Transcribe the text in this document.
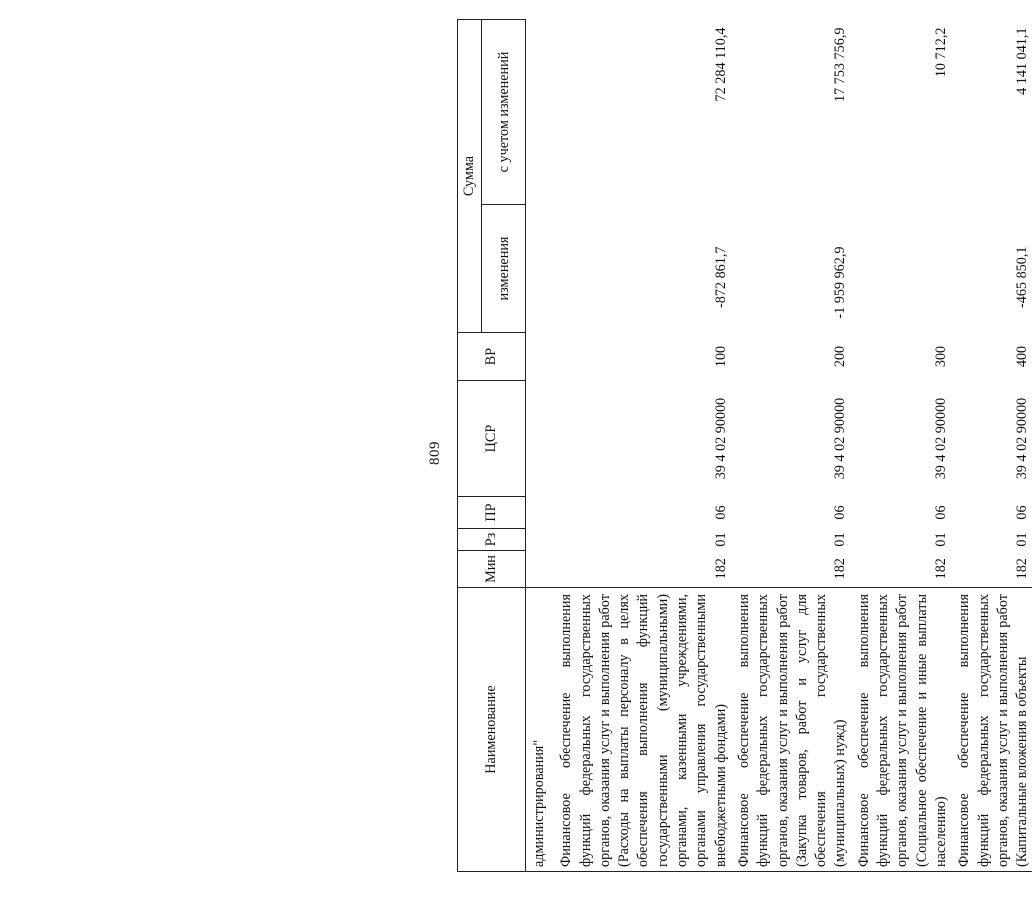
809
Наименование	Мин	Рз	ПР	ЦСР	ВР	Сумма	
						изменения	с учетом изменений
администрирования"							
Финансовое обеспечение выполнения функций федеральных государственных органов, оказания услуг и выполнения работ (Расходы на выплаты персоналу в целях обеспечения выполнения функций государственными (муниципальными) органами, казенными учреждениями, органами управления государственными внебюджетными фондами)	182	01	06	39 4 02 90000	100	-872 861,7	72 284 110,4
Финансовое обеспечение выполнения функций федеральных государственных органов, оказания услуг и выполнения работ (Закупка товаров, работ и услуг для обеспечения государственных (муниципальных) нужд)	182	01	06	39 4 02 90000	200	-1 959 962,9	17 753 756,9
Финансовое обеспечение выполнения функций федеральных государственных органов, оказания услуг и выполнения работ (Социальное обеспечение и иные выплаты населению)	182	01	06	39 4 02 90000	300		10 712,2
Финансовое обеспечение выполнения функций федеральных государственных органов, оказания услуг и выполнения работ (Капитальные вложения в объекты	182	01	06	39 4 02 90000	400	-465 850,1	4 141 041,1
